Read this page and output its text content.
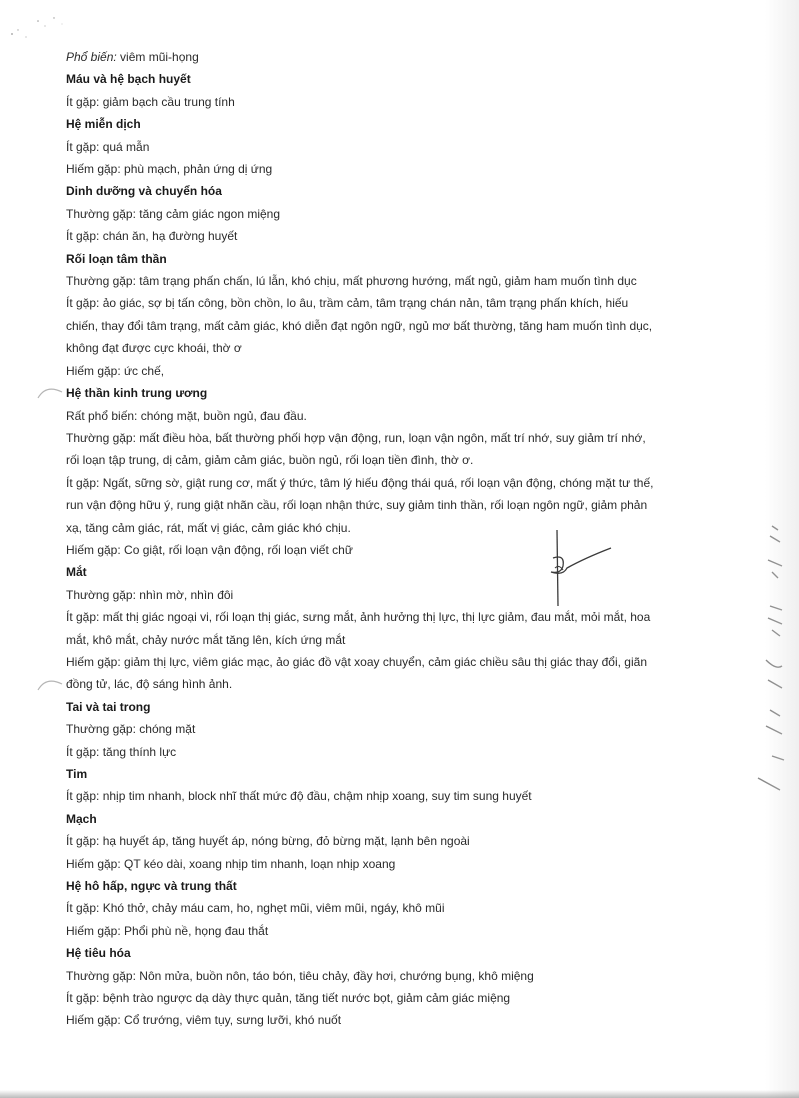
Phổ biến: viêm mũi-họng
Máu và hệ bạch huyết
Ít gặp: giảm bạch cầu trung tính
Hệ miễn dịch
Ít gặp: quá mẫn
Hiếm gặp: phù mạch, phản ứng dị ứng
Dinh dưỡng và chuyển hóa
Thường gặp: tăng cảm giác ngon miệng
Ít gặp: chán ăn, hạ đường huyết
Rối loạn tâm thần
Thường gặp: tâm trạng phấn chấn, lú lẫn, khó chịu, mất phương hướng, mất ngủ, giảm ham muốn tình dục
Ít gặp: ảo giác, sợ bị tấn công, bồn chồn, lo âu, trầm cảm, tâm trạng chán nản, tâm trạng phấn khích, hiếu
chiến, thay đổi tâm trạng, mất cảm giác, khó diễn đạt ngôn ngữ, ngủ mơ bất thường, tăng ham muốn tình dục,
không đạt được cực khoái, thờ ơ
Hiếm gặp: ức chế,
Hệ thần kinh trung ương
Rất phổ biến: chóng mặt, buồn ngủ, đau đầu.
Thường gặp: mất điều hòa, bất thường phối hợp vận động, run, loạn vận ngôn, mất trí nhớ, suy giảm trí nhớ,
rối loạn tập trung, dị cảm, giảm cảm giác, buồn ngủ, rối loạn tiền đình, thờ ơ.
Ít gặp: Ngất, sững sờ, giật rung cơ, mất ý thức, tâm lý hiếu động thái quá, rối loạn vận động, chóng mặt tư thế,
run vận động hữu ý, rung giật nhãn cầu, rối loạn nhận thức, suy giảm tinh thần, rối loạn ngôn ngữ, giảm phản
xạ, tăng cảm giác, rát, mất vị giác, cảm giác khó chịu.
Hiếm gặp: Co giật, rối loạn vận động, rối loạn viết chữ
Mắt
Thường gặp: nhìn mờ, nhìn đôi
Ít gặp: mất thị giác ngoại vi, rối loạn thị giác, sưng mắt, ảnh hưởng thị lực, thị lực giảm, đau mắt, mỏi mắt, hoa
mắt, khô mắt, chảy nước mắt tăng lên, kích ứng mắt
Hiếm gặp: giảm thị lực, viêm giác mạc, ảo giác đồ vật xoay chuyển, cảm giác chiều sâu thị giác thay đổi, giãn
đồng tử, lác, độ sáng hình ảnh.
Tai và tai trong
Thường gặp: chóng mặt
Ít gặp: tăng thính lực
Tim
Ít gặp: nhịp tim nhanh, block nhĩ thất mức độ đầu, chậm nhịp xoang, suy tim sung huyết
Mạch
Ít gặp: hạ huyết áp, tăng huyết áp, nóng bừng, đỏ bừng mặt, lạnh bên ngoài
Hiếm gặp: QT kéo dài, xoang nhịp tim nhanh, loạn nhịp xoang
Hệ hô hấp, ngực và trung thất
Ít gặp: Khó thở, chảy máu cam, ho, nghẹt mũi, viêm mũi, ngáy, khô mũi
Hiếm gặp: Phổi phù nề, họng đau thắt
Hệ tiêu hóa
Thường gặp: Nôn mửa, buồn nôn, táo bón, tiêu chảy, đầy hơi, chướng bụng, khô miệng
Ít gặp: bệnh trào ngược dạ dày thực quản, tăng tiết nước bọt, giảm cảm giác miệng
Hiếm gặp: Cổ trướng, viêm tụy, sưng lưỡi, khó nuốt
